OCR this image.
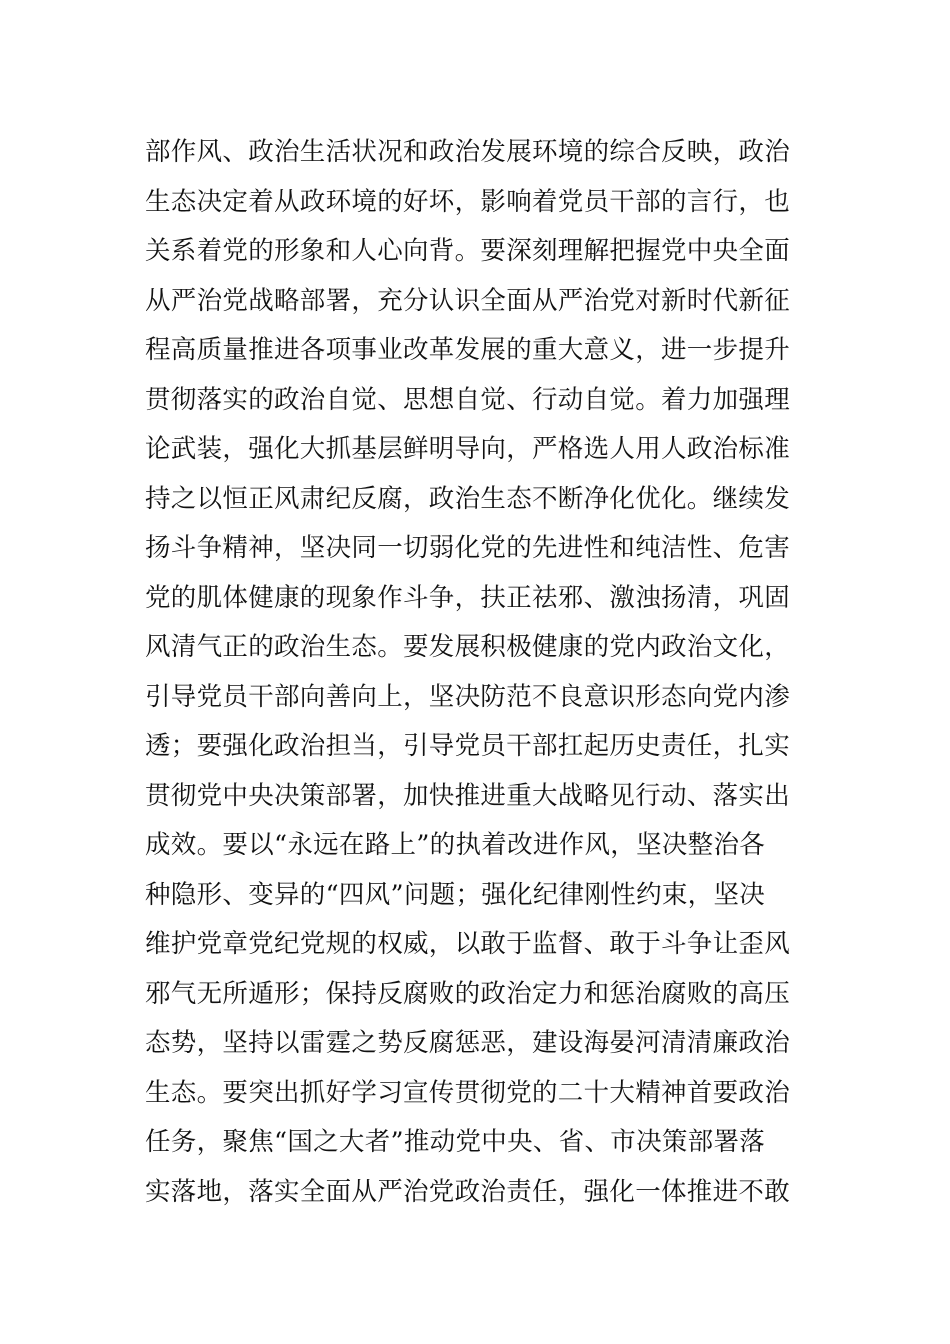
部作风、政治生活状况和政治发展环境的综合反映，政治
生态决定着从政环境的好坏，影响着党员干部的言行，也
关系着党的形象和人心向背。要深刻理解把握党中央全面
从严治党战略部署，充分认识全面从严治党对新时代新征
程高质量推进各项事业改革发展的重大意义，进一步提升
贯彻落实的政治自觉、思想自觉、行动自觉。着力加强理
论武装，强化大抓基层鲜明导向，严格选人用人政治标准
持之以恒正风肃纪反腐，政治生态不断净化优化。继续发
扬斗争精神，坚决同一切弱化党的先进性和纯洁性、危害
党的肌体健康的现象作斗争，扶正祛邪、激浊扬清，巩固
风清气正的政治生态。要发展积极健康的党内政治文化，
引导党员干部向善向上，坚决防范不良意识形态向党内渗
透；要强化政治担当，引导党员干部扛起历史责任，扎实
贯彻党中央决策部署，加快推进重大战略见行动、落实出
成效。要以“永远在路上”的执着改进作风，坚决整治各
种隐形、变异的“四风”问题；强化纪律刚性约束，坚决
维护党章党纪党规的权威，以敢于监督、敢于斗争让歪风
邪气无所遁形；保持反腐败的政治定力和惩治腐败的高压
态势，坚持以雷霆之势反腐惩恶，建设海晏河清清廉政治
生态。要突出抓好学习宣传贯彻党的二十大精神首要政治
任务，聚焦“国之大者”推动党中央、省、市决策部署落
实落地，落实全面从严治党政治责任，强化一体推进不敢
